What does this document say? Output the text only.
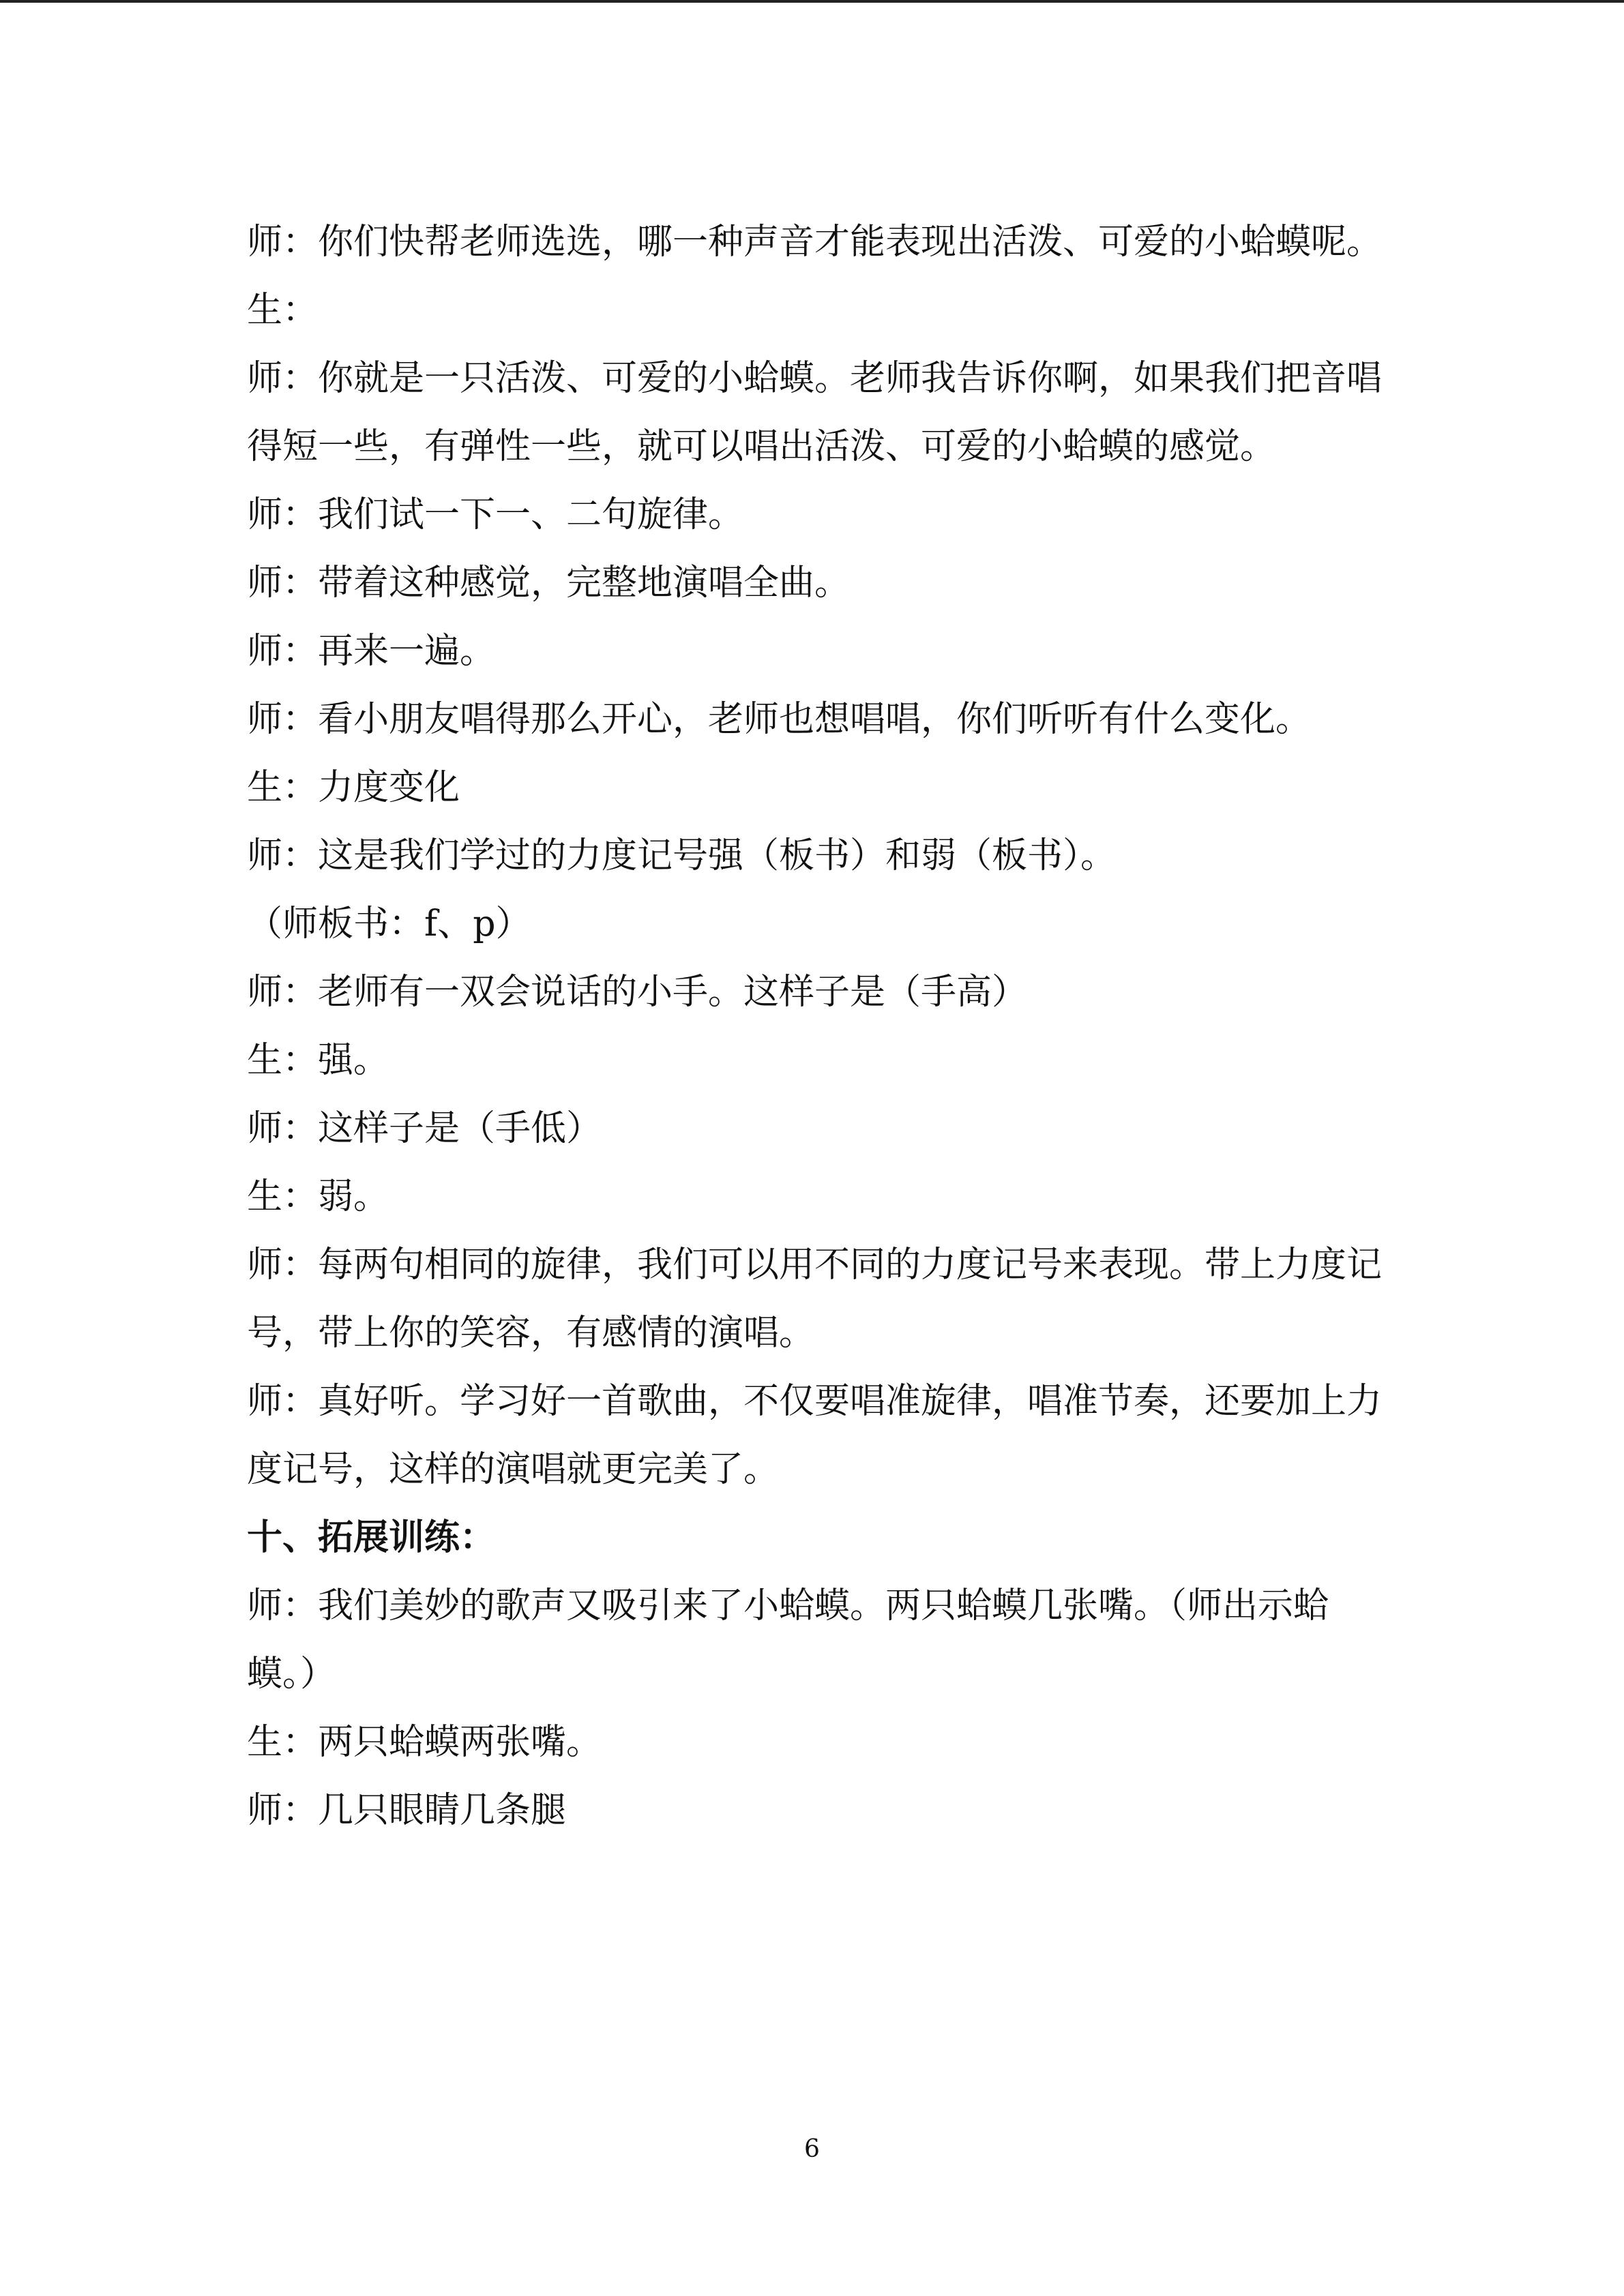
师：你们快帮老师选选，哪一种声音才能表现出活泼、可爱的小蛤蟆呢。

生：

师：你就是一只活泼、可爱的小蛤蟆。老师我告诉你啊，如果我们把音唱得短一些，有弹性一些，就可以唱出活泼、可爱的小蛤蟆的感觉。

师：我们试一下一、二句旋律。

师：带着这种感觉，完整地演唱全曲。

师：再来一遍。

师：看小朋友唱得那么开心，老师也想唱唱，你们听听有什么变化。

生：力度变化

师：这是我们学过的力度记号强（板书）和弱（板书）。

（师板书：f、p）

师：老师有一双会说话的小手。这样子是（手高）

生：强。

师：这样子是（手低）

生：弱。

师：每两句相同的旋律，我们可以用不同的力度记号来表现。带上力度记号，带上你的笑容，有感情的演唱。

师：真好听。学习好一首歌曲，不仅要唱准旋律，唱准节奏，还要加上力度记号，这样的演唱就更完美了。

十、拓展训练：

师：我们美妙的歌声又吸引来了小蛤蟆。两只蛤蟆几张嘴。（师出示蛤蟆。）

生：两只蛤蟆两张嘴。

师：几只眼睛几条腿

6
